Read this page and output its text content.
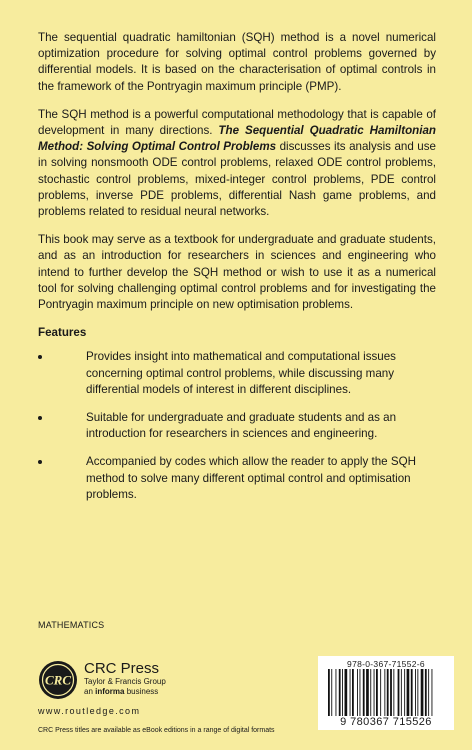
The sequential quadratic hamiltonian (SQH) method is a novel numerical optimization procedure for solving optimal control problems governed by differential models. It is based on the characterisation of optimal controls in the framework of the Pontryagin maximum principle (PMP).

The SQH method is a powerful computational methodology that is capable of development in many directions. The Sequential Quadratic Hamiltonian Method: Solving Optimal Control Problems discusses its analysis and use in solving nonsmooth ODE control problems, relaxed ODE control problems, stochastic control problems, mixed-integer control problems, PDE control problems, inverse PDE problems, differential Nash game problems, and problems related to residual neural networks.

This book may serve as a textbook for undergraduate and graduate students, and as an introduction for researchers in sciences and engineering who intend to further develop the SQH method or wish to use it as a numerical tool for solving challenging optimal control problems and for investigating the Pontryagin maximum principle on new optimisation problems.

Features

Provides insight into mathematical and computational issues concerning optimal control problems, while discussing many differential models of interest in different disciplines.
Suitable for undergraduate and graduate students and as an introduction for researchers in sciences and engineering.
Accompanied by codes which allow the reader to apply the SQH method to solve many different optimal control and optimisation problems.
MATHEMATICS
CRC
CRC Press
Taylor & Francis Group
an informa business
www.routledge.com
CRC Press titles are available as eBook editions in a range of digital formats
978-0-367-71552-6
9 780367 715526
